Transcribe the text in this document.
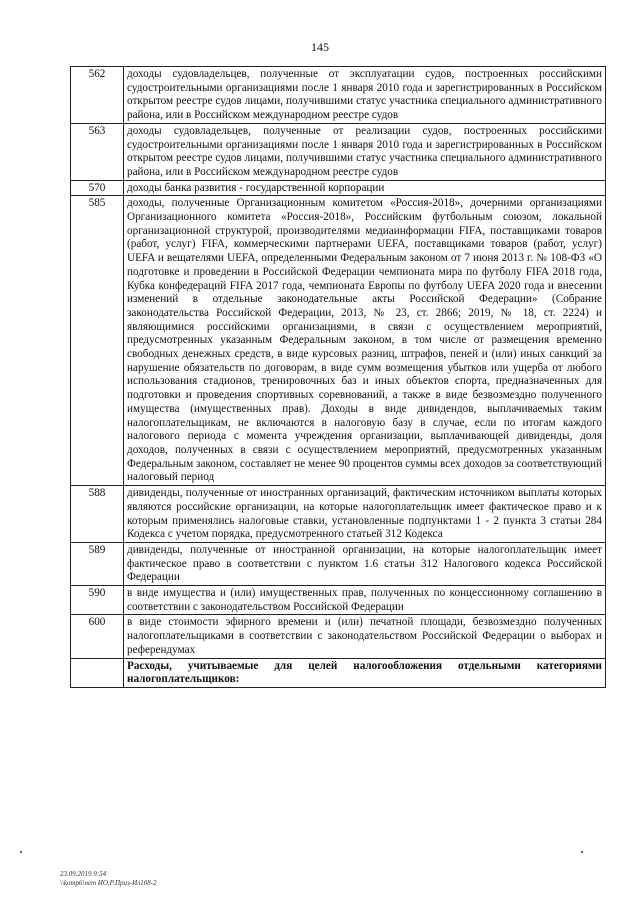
145
562	доходы судовладельцев, полученные от эксплуатации судов, построенных российскими судостроительными организациями после 1 января 2010 года и зарегистрированных в Российском открытом реестре судов лицами, получившими статус участника специального административного района, или в Российском международном реестре судов
563	доходы судовладельцев, полученные от реализации судов, построенных российскими судостроительными организациями после 1 января 2010 года и зарегистрированных в Российском открытом реестре судов лицами, получившими статус участника специального административного района, или в Российском международном реестре судов
570	доходы банка развития - государственной корпорации
585	доходы, полученные Организационным комитетом «Россия-2018», дочерними организациями Организационного комитета «Россия-2018», Российским футбольным союзом, локальной организационной структурой, производителями медиаинформации FIFA, поставщиками товаров (работ, услуг) FIFA, коммерческими партнерами UEFA, поставщиками товаров (работ, услуг) UEFA и вещателями UEFA, определенными Федеральным законом от 7 июня 2013 г. № 108-ФЗ «О подготовке и проведении в Российской Федерации чемпионата мира по футболу FIFA 2018 года, Кубка конфедераций FIFA 2017 года, чемпионата Европы по футболу UEFA 2020 года и внесении изменений в отдельные законодательные акты Российской Федерации» (Собрание законодательства Российской Федерации, 2013, № 23, ст. 2866; 2019, № 18, ст. 2224) и являющимися российскими организациями, в связи с осуществлением мероприятий, предусмотренных указанным Федеральным законом, в том числе от размещения временно свободных денежных средств, в виде курсовых разниц, штрафов, пеней и (или) иных санкций за нарушение обязательств по договорам, в виде сумм возмещения убытков или ущерба от любого использования стадионов, тренировочных баз и иных объектов спорта, предназначенных для подготовки и проведения спортивных соревнований, а также в виде безвозмездно полученного имущества (имущественных прав). Доходы в виде дивидендов, выплачиваемых таким налогоплательщикам, не включаются в налоговую базу в случае, если по итогам каждого налогового периода с момента учреждения организации, выплачивающей дивиденды, доля доходов, полученных в связи с осуществлением мероприятий, предусмотренных указанным Федеральным законом, составляет не менее 90 процентов суммы всех доходов за соответствующий налоговый период
588	дивиденды, полученные от иностранных организаций, фактическим источником выплаты которых являются российские организации, на которые налогоплательщик имеет фактическое право и к которым применялись налоговые ставки, установленные подпунктами 1 - 2 пункта 3 статьи 284 Кодекса с учетом порядка, предусмотренного статьей 312 Кодекса
589	дивиденды, полученные от иностранной организации, на которые налогоплательщик имеет фактическое право в соответствии с пунктом 1.6 статьи 312 Налогового кодекса Российской Федерации
590	в виде имущества и (или) имущественных прав, полученных по концессионному соглашению в соответствии с законодательством Российской Федерации
600	в виде стоимости эфирного времени и (или) печатной площади, безвозмездно полученных налогоплательщиками в соответствии с законодательством Российской Федерации о выборах и референдумах
	Расходы, учитываемые для целей налогообложения отдельными категориями налогоплательщиков:
23.09.2019 9:54
\\komp6\нет ИО.Р.Приз-Ил108-2
